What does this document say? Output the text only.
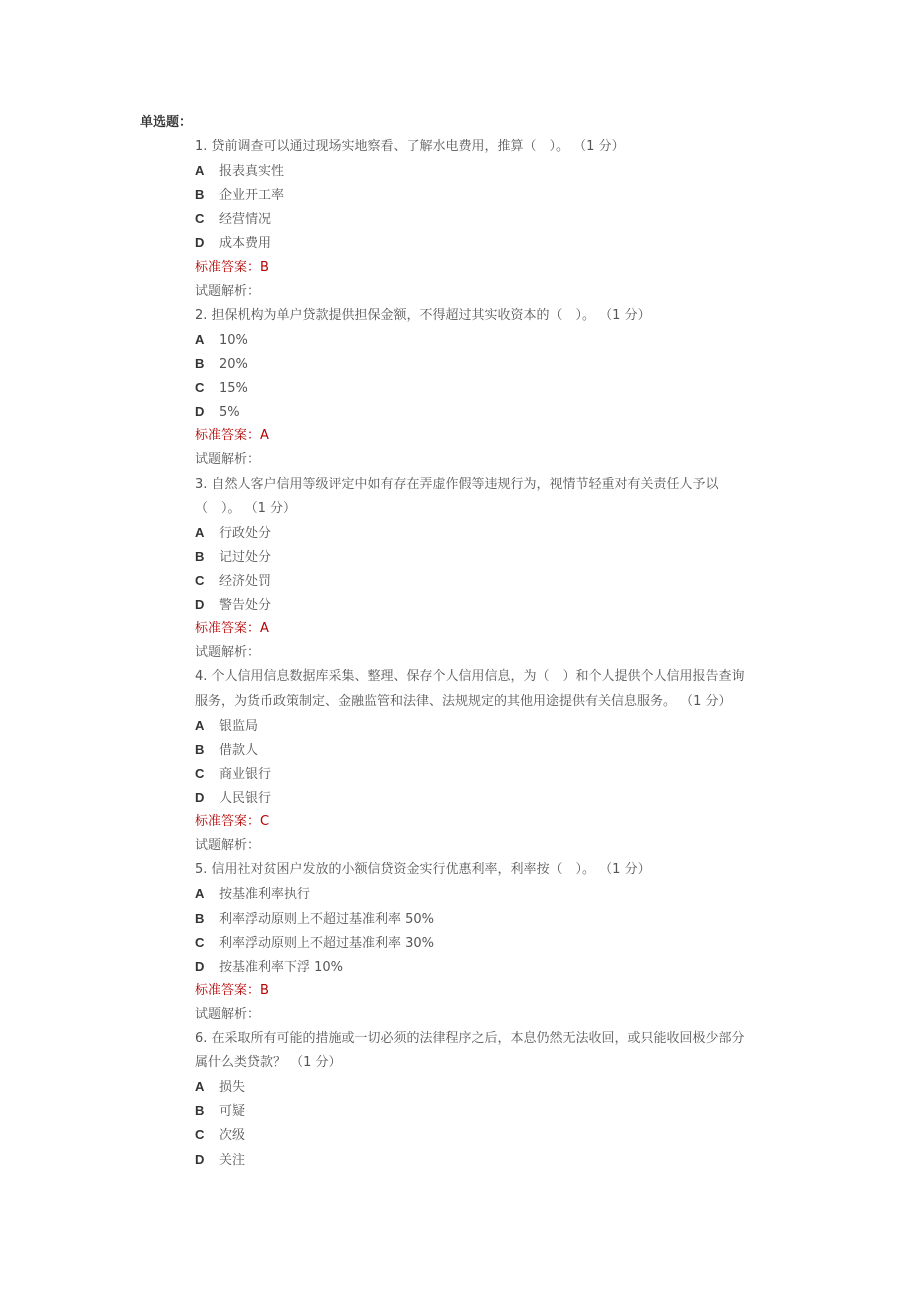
单选题：
1. 贷前调查可以通过现场实地察看、了解水电费用，推算（　）。 （1 分）
A 报表真实性
B 企业开工率
C 经营情况
D 成本费用
标准答案：B
试题解析：
2. 担保机构为单户贷款提供担保金额，不得超过其实收资本的（　）。 （1 分）
A 10%
B 20%
C 15%
D 5%
标准答案：A
试题解析：
3. 自然人客户信用等级评定中如有存在弄虚作假等违规行为，视情节轻重对有关责任人予以
（　）。 （1 分）
A 行政处分
B 记过处分
C 经济处罚
D 警告处分
标准答案：A
试题解析：
4. 个人信用信息数据库采集、整理、保存个人信用信息，为（　）和个人提供个人信用报告查询
服务，为货币政策制定、金融监管和法律、法规规定的其他用途提供有关信息服务。 （1 分）
A 银监局
B 借款人
C 商业银行
D 人民银行
标准答案：C
试题解析：
5. 信用社对贫困户发放的小额信贷资金实行优惠利率，利率按（　）。 （1 分）
A 按基准利率执行
B 利率浮动原则上不超过基准利率 50%
C 利率浮动原则上不超过基准利率 30%
D 按基准利率下浮 10%
标准答案：B
试题解析：
6. 在采取所有可能的措施或一切必须的法律程序之后，本息仍然无法收回，或只能收回极少部分
属什么类贷款？ （1 分）
A 损失
B 可疑
C 次级
D 关注
